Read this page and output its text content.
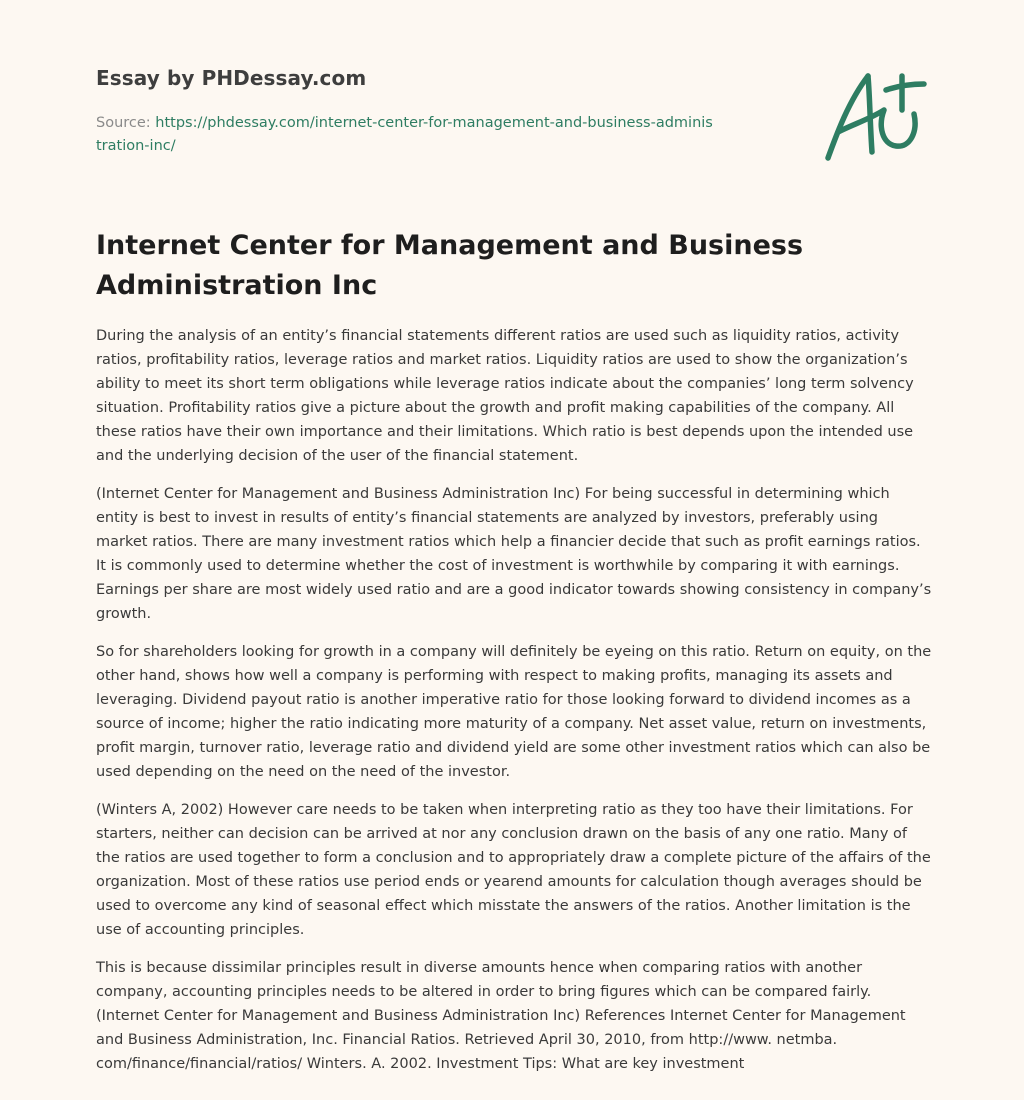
Essay by PHDessay.com
Source: https://phdessay.com/internet-center-for-management-and-business-administration-inc/
Internet Center for Management and Business Administration Inc

During the analysis of an entity’s financial statements different ratios are used such as liquidity ratios, activity ratios, profitability ratios, leverage ratios and market ratios. Liquidity ratios are used to show the organization’s ability to meet its short term obligations while leverage ratios indicate about the companies’ long term solvency situation. Profitability ratios give a picture about the growth and profit making capabilities of the company. All these ratios have their own importance and their limitations. Which ratio is best depends upon the intended use and the underlying decision of the user of the financial statement.

(Internet Center for Management and Business Administration Inc) For being successful in determining which entity is best to invest in results of entity’s financial statements are analyzed by investors, preferably using market ratios. There are many investment ratios which help a financier decide that such as profit earnings ratios. It is commonly used to determine whether the cost of investment is worthwhile by comparing it with earnings. Earnings per share are most widely used ratio and are a good indicator towards showing consistency in company’s growth.

So for shareholders looking for growth in a company will definitely be eyeing on this ratio. Return on equity, on the other hand, shows how well a company is performing with respect to making profits, managing its assets and leveraging. Dividend payout ratio is another imperative ratio for those looking forward to dividend incomes as a source of income; higher the ratio indicating more maturity of a company. Net asset value, return on investments, profit margin, turnover ratio, leverage ratio and dividend yield are some other investment ratios which can also be used depending on the need on the need of the investor.

(Winters A, 2002) However care needs to be taken when interpreting ratio as they too have their limitations. For starters, neither can decision can be arrived at nor any conclusion drawn on the basis of any one ratio. Many of the ratios are used together to form a conclusion and to appropriately draw a complete picture of the affairs of the organization. Most of these ratios use period ends or yearend amounts for calculation though averages should be used to overcome any kind of seasonal effect which misstate the answers of the ratios. Another limitation is the use of accounting principles.

This is because dissimilar principles result in diverse amounts hence when comparing ratios with another company, accounting principles needs to be altered in order to bring figures which can be compared fairly. (Internet Center for Management and Business Administration Inc) References Internet Center for Management and Business Administration, Inc. Financial Ratios. Retrieved April 30, 2010, from http://www. netmba. com/finance/financial/ratios/ Winters. A. 2002. Investment Tips: What are key investment
